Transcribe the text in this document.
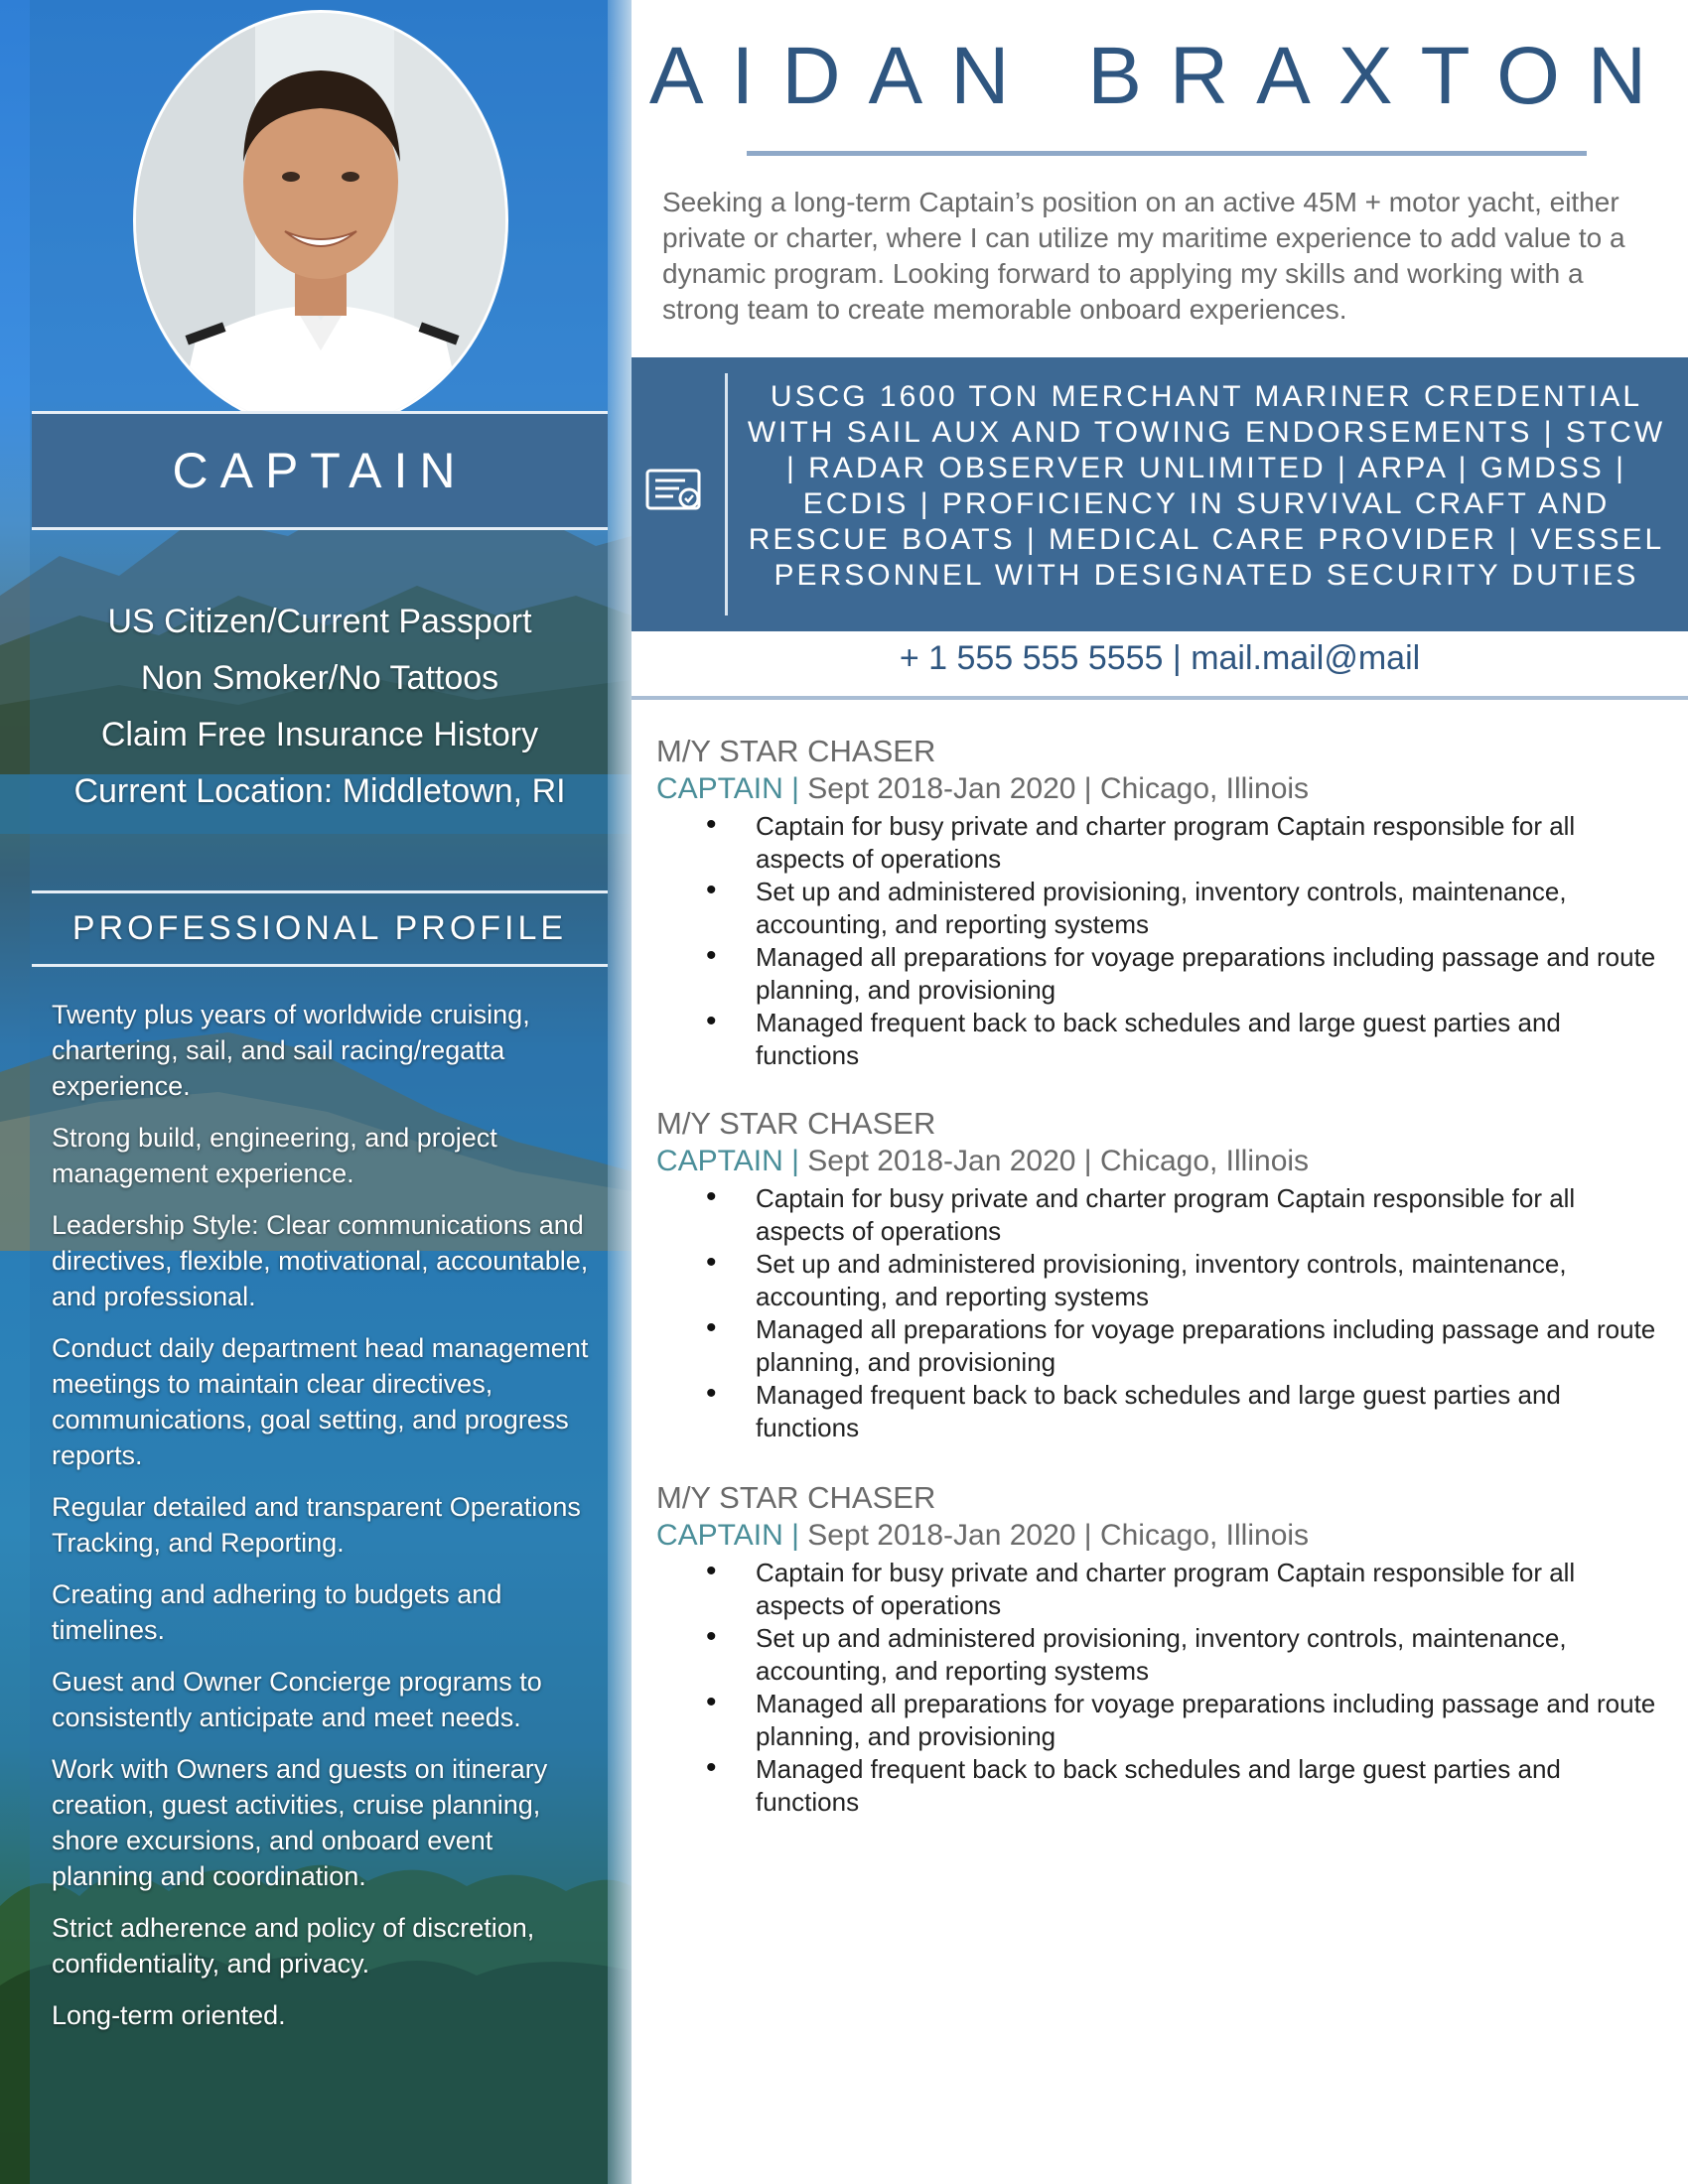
CAPTAIN
US Citizen/Current Passport
Non Smoker/No Tattoos
Claim Free Insurance History
Current Location: Middletown, RI
PROFESSIONAL PROFILE

Twenty plus years of worldwide cruising, chartering, sail, and sail racing/regatta experience.

Strong build, engineering, and project management experience.

Leadership Style: Clear communications and directives, flexible, motivational, accountable, and professional.

Conduct daily department head management meetings to maintain clear directives, communications, goal setting, and progress reports.

Regular detailed and transparent Operations Tracking, and Reporting.

Creating and adhering to budgets and timelines.

Guest and Owner Concierge programs to consistently anticipate and meet needs.

Work with Owners and guests on itinerary creation, guest activities, cruise planning, shore excursions, and onboard event planning and coordination.

Strict adherence and policy of discretion, confidentiality, and privacy.

Long-term oriented.

AIDAN BRAXTON
Seeking a long-term Captain’s position on an active 45M + motor yacht, either private or charter, where I can utilize my maritime experience to add value to a dynamic program. Looking forward to applying my skills and working with a strong team to create memorable onboard experiences.
USCG 1600 TON MERCHANT MARINER CREDENTIAL WITH SAIL AUX AND TOWING ENDORSEMENTS | STCW | RADAR OBSERVER UNLIMITED | ARPA | GMDSS | ECDIS | PROFICIENCY IN SURVIVAL CRAFT AND RESCUE BOATS | MEDICAL CARE PROVIDER | VESSEL PERSONNEL WITH DESIGNATED SECURITY DUTIES
+ 1 555 555 5555 | mail.mail@mail
M/Y STAR CHASER
CAPTAIN | Sept 2018-Jan 2020 | Chicago, Illinois
• Captain for busy private and charter program Captain responsible for all aspects of operations
• Set up and administered provisioning, inventory controls, maintenance, accounting, and reporting systems
• Managed all preparations for voyage preparations including passage and route planning, and provisioning
• Managed frequent back to back schedules and large guest parties and functions
M/Y STAR CHASER
CAPTAIN | Sept 2018-Jan 2020 | Chicago, Illinois
• Captain for busy private and charter program Captain responsible for all aspects of operations
• Set up and administered provisioning, inventory controls, maintenance, accounting, and reporting systems
• Managed all preparations for voyage preparations including passage and route planning, and provisioning
• Managed frequent back to back schedules and large guest parties and functions
M/Y STAR CHASER
CAPTAIN | Sept 2018-Jan 2020 | Chicago, Illinois
• Captain for busy private and charter program Captain responsible for all aspects of operations
• Set up and administered provisioning, inventory controls, maintenance, accounting, and reporting systems
• Managed all preparations for voyage preparations including passage and route planning, and provisioning
• Managed frequent back to back schedules and large guest parties and functions
